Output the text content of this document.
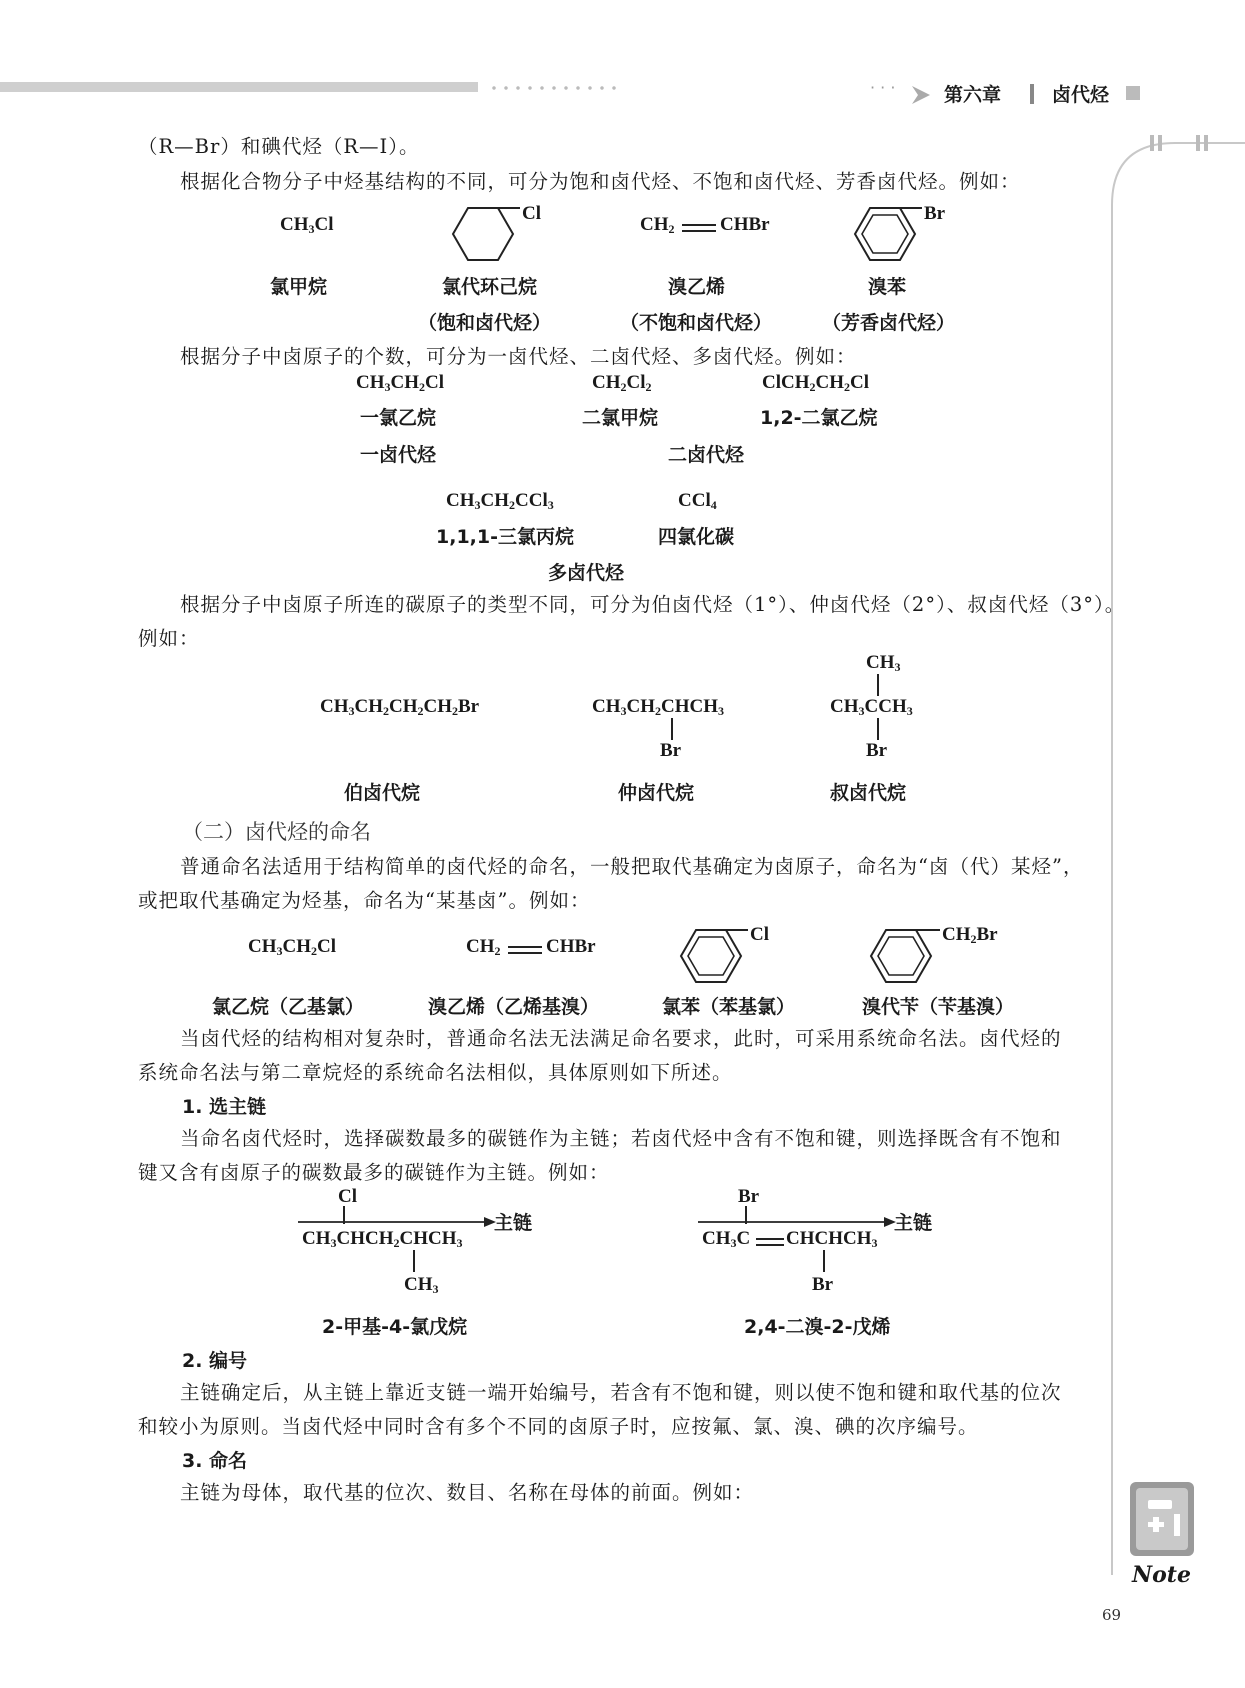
· · ·	第六章	卤代烃
Note
（R—Br）和碘代烃（R—I）。
根据化合物分子中烃基结构的不同，可分为饱和卤代烃、不饱和卤代烃、芳香卤代烃。例如：
$CH_3Cl$
Cl
$CH_2$ CHBr
Br
氯甲烷	氯代环己烷	溴乙烯	溴苯
（饱和卤代烃）	（不饱和卤代烃）	（芳香卤代烃）
根据分子中卤原子的个数，可分为一卤代烃、二卤代烃、多卤代烃。例如：
$CH_3CH_2Cl$	$CH_2Cl_2$	$ClCH_2CH_2Cl$
一氯乙烷	二氯甲烷	1,2-二氯乙烷
一卤代烃	二卤代烃
$CH_3CH_2CCl_3$	CCl$_4$
1,1,1-三氯丙烷	四氯化碳
多卤代烃
根据分子中卤原子所连的碳原子的类型不同，可分为伯卤代烃（1°）、仲卤代烃（2°）、叔卤代烃（3°）。
例如：
$CH_3CH_2CH_2CH_2Br$	$CH_3CH_2CHCH_3$
Br
$CH_3$
$CH_3CCH_3$
Br
伯卤代烷	仲卤代烷	叔卤代烷
（二）卤代烃的命名
普通命名法适用于结构简单的卤代烃的命名，一般把取代基确定为卤原子，命名为“卤（代）某烃”，
或把取代基确定为烃基，命名为“某基卤”。例如：
$CH_3CH_2Cl$	$CH_2$ CHBr
Cl	$CH_2Br$
氯乙烷（乙基氯）	溴乙烯（乙烯基溴）	氯苯（苯基氯）	溴代苄（苄基溴）
当卤代烃的结构相对复杂时，普通命名法无法满足命名要求，此时，可采用系统命名法。卤代烃的
系统命名法与第二章烷烃的系统命名法相似，具体原则如下所述。
1. 选主链
当命名卤代烃时，选择碳数最多的碳链作为主链；若卤代烃中含有不饱和键，则选择既含有不饱和
键又含有卤原子的碳数最多的碳链作为主链。例如：
Cl
主链
$CH_3CHCH_2CHCH_3$
$CH_3$
Br
主链
$CH_3C$ $CHCHCH_3$
Br
2-甲基-4-氯戊烷	2,4-二溴-2-戊烯
2. 编号
主链确定后，从主链上靠近支链一端开始编号，若含有不饱和键，则以使不饱和键和取代基的位次
和较小为原则。当卤代烃中同时含有多个不同的卤原子时，应按氟、氯、溴、碘的次序编号。
3. 命名
主链为母体，取代基的位次、数目、名称在母体的前面。例如：
69
